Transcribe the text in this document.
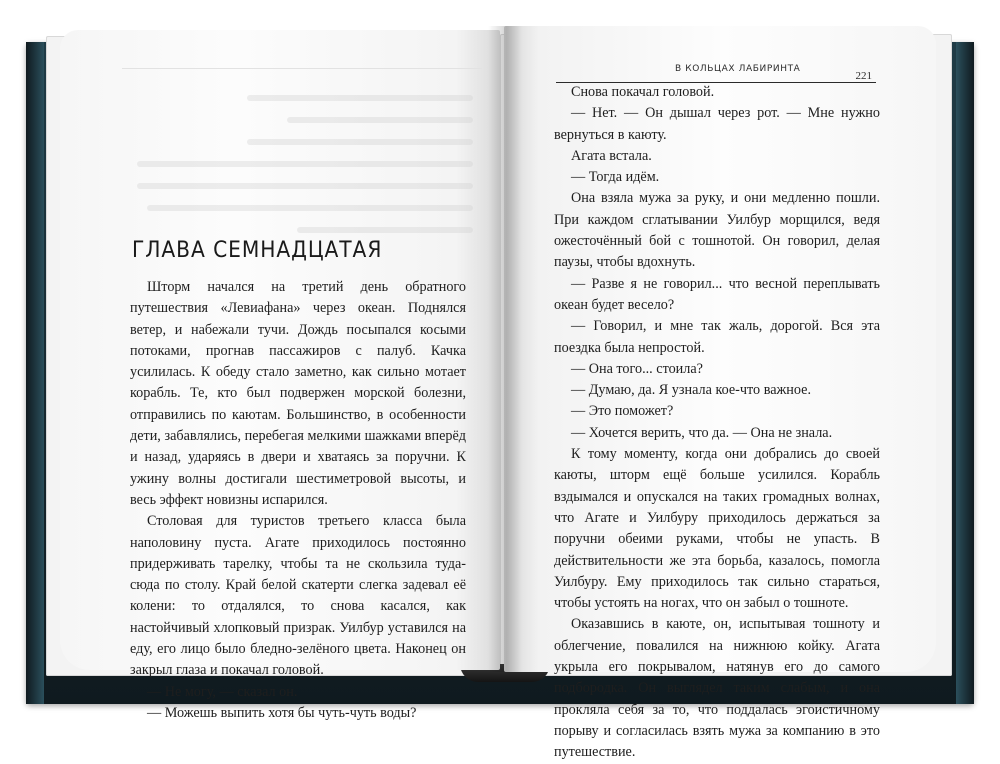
ГЛАВА СЕМНАДЦАТАЯ

Шторм начался на третий день обратного путешествия «Левиафана» через океан. Поднялся ветер, и набежали тучи. Дождь посыпался косыми потоками, прогнав пассажиров с палуб. Качка усилилась. К обеду стало заметно, как сильно мотает корабль. Те, кто был подвержен морской болезни, отправились по каютам. Большинство, в особенности дети, забавлялись, перебегая мелкими шажками вперёд и назад, ударяясь в двери и хватаясь за поручни. К ужину волны достигали шестиметровой высоты, и весь эффект новизны испарился.

Столовая для туристов третьего класса была наполовину пуста. Агате приходилось постоянно придерживать тарелку, чтобы та не скользила туда-сюда по столу. Край белой скатерти слегка задевал её колени: то отдалялся, то снова касался, как настойчивый хлопковый призрак. Уилбур уставился на еду, его лицо было бледно-зелёного цвета. Наконец он закрыл глаза и покачал головой.

— Не могу, — сказал он.

— Можешь выпить хотя бы чуть-чуть воды?

В КОЛЬЦАХ ЛАБИРИНТА
221

Снова покачал головой.

— Нет. — Он дышал через рот. — Мне нужно вернуться в каюту.

Агата встала.

— Тогда идём.

Она взяла мужа за руку, и они медленно пошли. При каждом сглатывании Уилбур морщился, ведя ожесточённый бой с тошнотой. Он говорил, делая паузы, чтобы вдохнуть.

— Разве я не говорил... что весной переплывать океан будет весело?

— Говорил, и мне так жаль, дорогой. Вся эта поездка была непростой.

— Она того... стоила?

— Думаю, да. Я узнала кое-что важное.

— Это поможет?

— Хочется верить, что да. — Она не знала.

К тому моменту, когда они добрались до своей каюты, шторм ещё больше усилился. Корабль вздымался и опускался на таких громадных волнах, что Агате и Уилбуру приходилось держаться за поручни обеими руками, чтобы не упасть. В действительности же эта борьба, казалось, помогла Уилбуру. Ему приходилось так сильно стараться, чтобы устоять на ногах, что он забыл о тошноте.

Оказавшись в каюте, он, испытывая тошноту и облегчение, повалился на нижнюю койку. Агата укрыла его покрывалом, натянув его до самого подбородка. Он выглядел таким слабым, и она прокляла себя за то, что поддалась эгоистичному порыву и согласилась взять мужа за компанию в это путешествие.
